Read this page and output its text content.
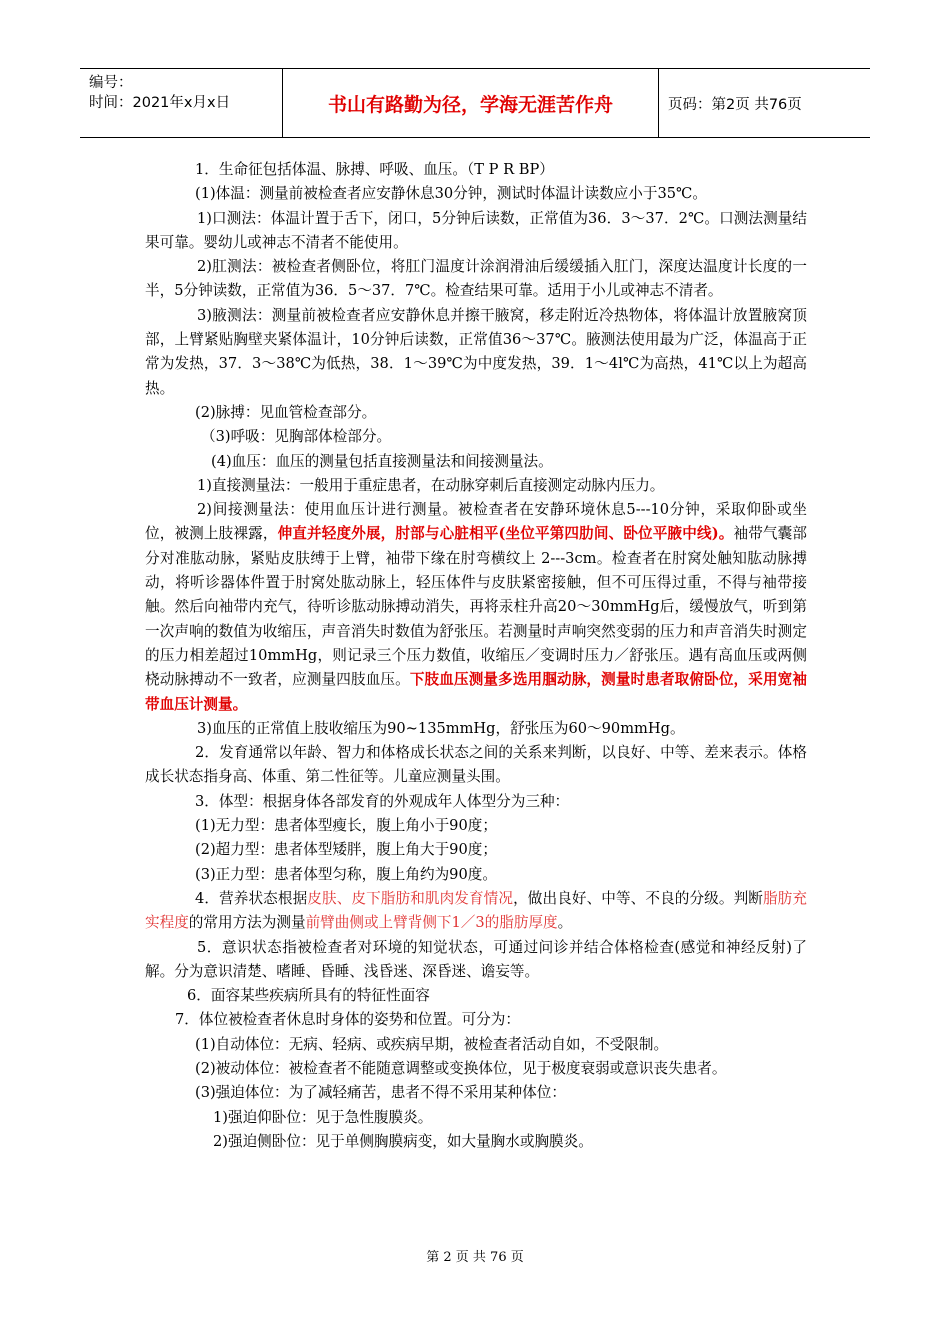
编号：
时间：2021年x月x日	书山有路勤为径，学海无涯苦作舟	页码：第2页 共76页

1．生命征包括体温、脉搏、呼吸、血压。（T P R BP）

(1)体温：测量前被检查者应安静休息30分钟，测试时体温计读数应小于35℃。

1)口测法：体温计置于舌下，闭口，5分钟后读数，正常值为36．3～37．2℃。口测法测量结果可靠。婴幼儿或神志不清者不能使用。

2)肛测法：被检查者侧卧位，将肛门温度计涂润滑油后缓缓插入肛门，深度达温度计长度的一半，5分钟读数，正常值为36．5～37．7℃。检查结果可靠。适用于小儿或神志不清者。

3)腋测法：测量前被检查者应安静休息并擦干腋窝，移走附近冷热物体，将体温计放置腋窝顶部，上臂紧贴胸壁夹紧体温计，10分钟后读数，正常值36～37℃。腋测法使用最为广泛，体温高于正常为发热，37．3～38℃为低热，38．1～39℃为中度发热，39．1～4l℃为高热，41℃以上为超高热。

(2)脉搏：见血管检查部分。

（3)呼吸：见胸部体检部分。

(4)血压：血压的测量包括直接测量法和间接测量法。

1)直接测量法：一般用于重症患者，在动脉穿刺后直接测定动脉内压力。

2)间接测量法：使用血压计进行测量。被检查者在安静环境休息5---10分钟，采取仰卧或坐位，被测上肢裸露，伸直并轻度外展，肘部与心脏相平(坐位平第四肋间、卧位平腋中线)。袖带气囊部分对准肱动脉，紧贴皮肤缚于上臂，袖带下缘在肘弯横纹上 2---3cm。检查者在肘窝处触知肱动脉搏动，将听诊器体件置于肘窝处肱动脉上，轻压体件与皮肤紧密接触，但不可压得过重，不得与袖带接触。然后向袖带内充气，待听诊肱动脉搏动消失，再将汞柱升高20～30mmHg后，缓慢放气，听到第一次声响的数值为收缩压，声音消失时数值为舒张压。若测量时声响突然变弱的压力和声音消失时测定的压力相差超过10mmHg，则记录三个压力数值，收缩压／变调时压力／舒张压。遇有高血压或两侧桡动脉搏动不一致者，应测量四肢血压。下肢血压测量多选用腘动脉，测量时患者取俯卧位，采用宽袖带血压计测量。

3)血压的正常值上肢收缩压为90~135mmHg，舒张压为60～90mmHg。

2．发育通常以年龄、智力和体格成长状态之间的关系来判断，以良好、中等、差来表示。体格成长状态指身高、体重、第二性征等。儿童应测量头围。

3．体型：根据身体各部发育的外观成年人体型分为三种：

(1)无力型：患者体型瘦长，腹上角小于90度；

(2)超力型：患者体型矮胖，腹上角大于90度；

(3)正力型：患者体型匀称，腹上角约为90度。

4．营养状态根据皮肤、皮下脂肪和肌肉发育情况，做出良好、中等、不良的分级。判断脂肪充实程度的常用方法为测量前臂曲侧或上臂背侧下1／3的脂肪厚度。

5．意识状态指被检查者对环境的知觉状态，可通过问诊并结合体格检查(感觉和神经反射)了解。分为意识清楚、嗜睡、昏睡、浅昏迷、深昏迷、谵妄等。

6．面容某些疾病所具有的特征性面容

7．体位被检查者休息时身体的姿势和位置。可分为：

(1)自动体位：无病、轻病、或疾病早期，被检查者活动自如，不受限制。

(2)被动体位：被检查者不能随意调整或变换体位，见于极度衰弱或意识丧失患者。

(3)强迫体位：为了减轻痛苦，患者不得不采用某种体位：

1)强迫仰卧位：见于急性腹膜炎。

2)强迫侧卧位：见于单侧胸膜病变，如大量胸水或胸膜炎。

第 2 页 共 76 页
